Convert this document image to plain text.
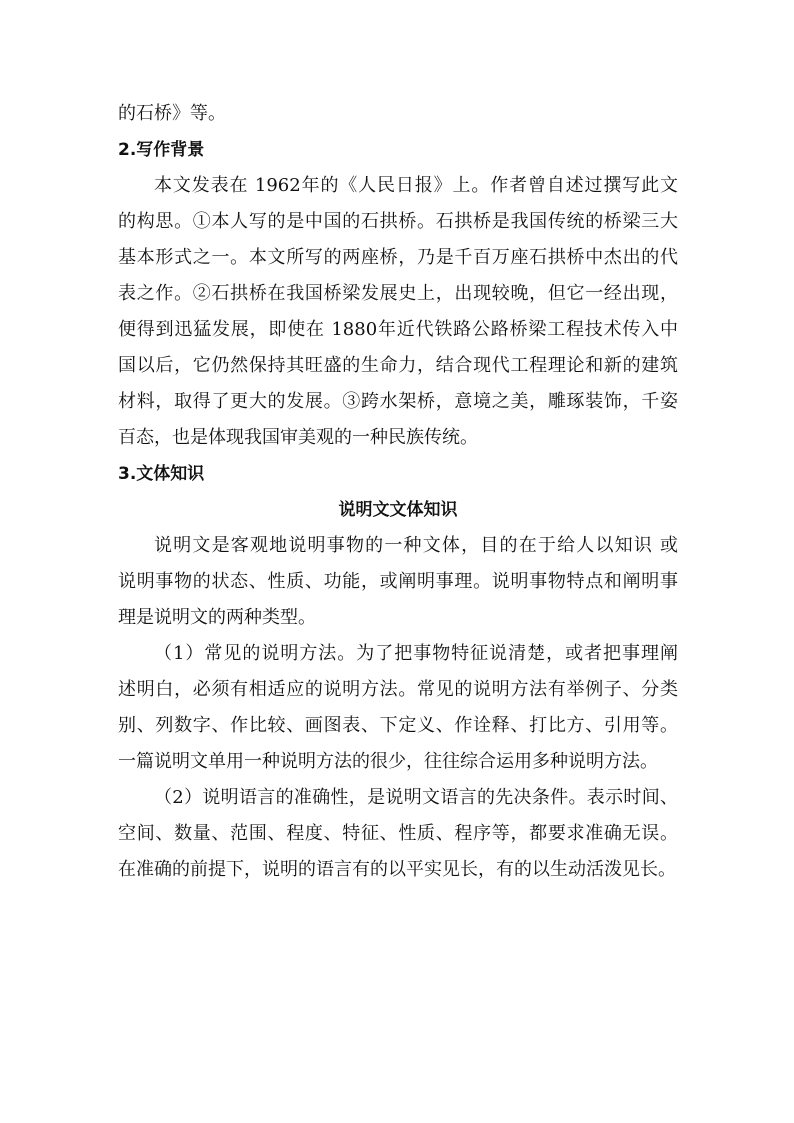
的石桥》等。
2.写作背景
本文发表在 1962年的《人民日报》上。作者曾自述过撰写此文
的构思。①本人写的是中国的石拱桥。石拱桥是我国传统的桥梁三大
基本形式之一。本文所写的两座桥，乃是千百万座石拱桥中杰出的代
表之作。②石拱桥在我国桥梁发展史上，出现较晚，但它一经出现，
便得到迅猛发展，即使在 1880年近代铁路公路桥梁工程技术传入中
国以后，它仍然保持其旺盛的生命力，结合现代工程理论和新的建筑
材料，取得了更大的发展。③跨水架桥，意境之美，雕琢装饰，千姿
百态，也是体现我国审美观的一种民族传统。
3.文体知识
说明文文体知识
说明文是客观地说明事物的一种文体，目的在于给人以知识 或
说明事物的状态、性质、功能，或阐明事理。说明事物特点和阐明事
理是说明文的两种类型。
（1）常见的说明方法。为了把事物特征说清楚，或者把事理阐
述明白，必须有相适应的说明方法。常见的说明方法有举例子、分类
别、列数字、作比较、画图表、下定义、作诠释、打比方、引用等。
一篇说明文单用一种说明方法的很少，往往综合运用多种说明方法。
（2）说明语言的准确性，是说明文语言的先决条件。表示时间、
空间、数量、范围、程度、特征、性质、程序等，都要求准确无误。
在准确的前提下，说明的语言有的以平实见长，有的以生动活泼见长。
